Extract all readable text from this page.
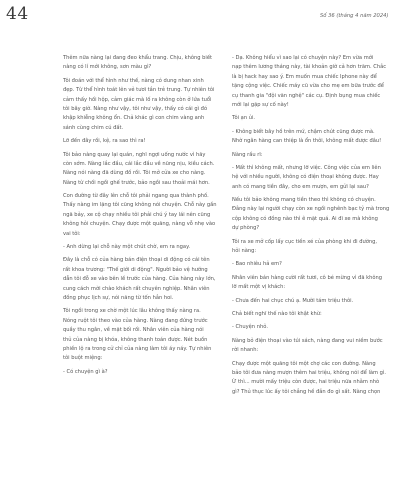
44	Số 36 (tháng 4 năm 2024)
Thêm nữa nàng lại đang đeo khẩu trang. Chịu, không biết
nàng có lí mới không, sơn màu gì?
Tôi đoán với thể hình như thế, nàng có dung nhan xinh
đẹp. Từ thể hình toát lên vẻ tươi tắn trẻ trung. Tự nhiên tôi
cảm thấy hối hộp, cảm giác mà lố ra không còn ở lứa tuổi
tôi bây giờ. Nàng như vậy, tôi như vậy, thấy có cái gì đó
khập khiễng không ổn. Chả khác gì con chim vàng anh
sánh cùng chim cú đất.
Lỡ đến đây rồi, kệ, ra sao thì ra!
Tôi bảo nàng quay lại quán, nghĩ ngợi uống nước vì hãy
còn sớm. Nàng lắc đầu, cái lắc đầu về nũng nịu, kiều cách.
Nàng nói nàng đã dùng đồ rồi. Tôi mở cửa xe cho nàng.
Nàng từ chối ngồi ghế trước, bảo ngồi sau thoải mái hơn.
Con đường từ đây lên chỗ tôi phải ngang qua thành phố.
Thấy nàng im lặng tôi cũng không nói chuyện. Chỗ này gần
ngã bảy, xe cộ chạy nhiều tôi phải chú ý tay lái nên cũng
không hỏi chuyện. Chạy được một quãng, nàng vỗ nhẹ vào
vai tôi:
- Anh dừng lại chỗ này một chút chờ, em ra ngay.
Đây là chỗ có của hàng bán điện thoại di động có cái tên
rất khoa trương: "Thế giới di động". Người bảo vệ hướng
dẫn tôi đỗ xe vào bên lề trước của hàng. Của hàng này lớn,
cung cách mời chào khách rất chuyên nghiệp. Nhân viên
đồng phục lịch sự, nói năng từ tốn hẳn hoi.
Tôi ngồi trong xe chờ một lúc lâu không thấy nàng ra.
Nóng ruột tôi theo vào của hàng. Nàng đang đứng trước
quầy thu ngân, về mặt bối rối. Nhân viên của hàng nói
thủ của nàng bị khóa, không thanh toán được. Nét buồn
phiền lộ ra trong cử chỉ của nàng làm tôi áy náy. Tự nhiên
tôi buột miệng:
- Có chuyện gì à?
- Dạ. Không hiểu vì sao lại có chuyện này? Em vừa mới
nạp thêm lương tháng này, tài khoản giờ cả hơn trăm. Chắc
là bị hack hay sao ý. Em muốn mua chiếc Iphone này để
tặng cộng việc. Chiếc máy cũ vừa cho mẹ em bữa trước để
cụ thanh gia "đội văn nghệ" các cụ. Định bụng mua chiếc
mới lại gặp sự cố này!
Tôi ạn ủi.
- Không biết bây hồ trên mứ, chậm chút cũng được mà.
Nhờ ngân hàng can thiệp là ổn thôi, không mất được đâu!
Nàng rầu rĩ:
- Mất thì không mất, nhưng lỡ việc. Công việc của em liên
hệ với nhiều người, không có điện thoại không được. Hay
anh có mang tiền đây, cho em mượn, em gửi lại sau?
Nếu tôi bảo không mang tiền theo thì không có chuyện.
Đằng này lại người chạy còn xe ngồi nghênh bạc tỷ mà trong
cộp không có đồng nào thì ê mặt quá. Ai đi xe mà không
dự phòng?
Tôi ra xe mở cốp lấy cục tiền xé của phòng khi đi đường,
hỏi nàng:
- Bao nhiêu hả em?
Nhân viên bán hàng cười rất tươi, cô bé mừng vì đã không
lỡ mất một vị khách:
- Chưa đến hai chục chú ạ. Mười tám triệu thôi.
Chả biết nghĩ thế nào tôi khật khừ:
- Chuyện nhỏ.
Nàng bỏ điện thoại vào túi sách, nàng đang vui niềm bước
rời nhanh:
Chạy được một quãng tôi một chợ các con đường. Nàng
bảo tôi đưa nàng mượn thêm hai triệu, không nói để làm gì.
Ừ thì... mười mấy triệu còn được, hai triệu nữa nhằm nhò
gì? Thủ thục lúc ấy tôi chẳng hề đắn đo gì sất. Nàng chọn
